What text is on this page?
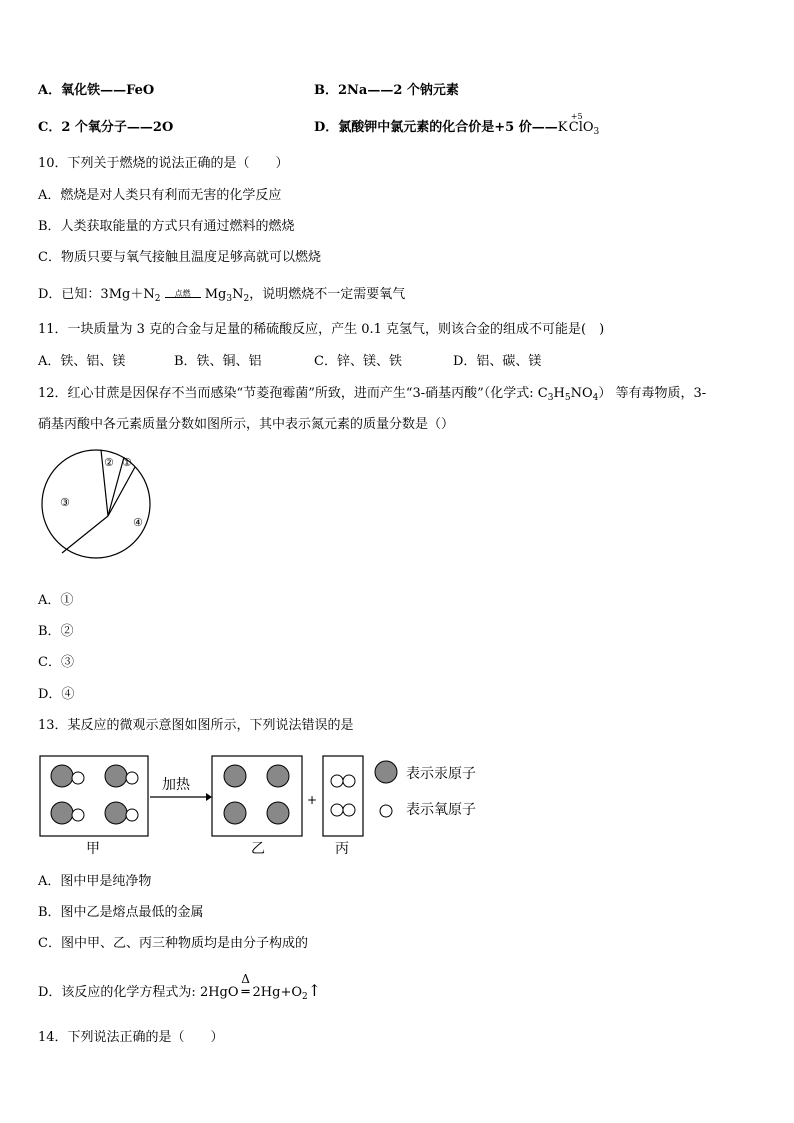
A．氧化铁——FeO	B．2Na——2 个钠元素
C．2 个氧分子——2O	D．氯酸钾中氯元素的化合价是+5 价——K 
+5
ClO$_3$
10．下列关于燃烧的说法正确的是（　　）
A．燃烧是对人类只有利而无害的化学反应
B．人类获取能量的方式只有通过燃料的燃烧
C．物质只要与氧气接触且温度足够高就可以燃烧
D．已知：$3Mg+N_2$
点燃	$Mg_3N_2$，说明燃烧不一定需要氧气
11．一块质量为 3 克的合金与足量的稀硫酸反应，产生 0.1 克氢气，则该合金的组成不可能是(　)
A．铁、铝、镁	B．铁、铜、铝	C．锌、镁、铁	D．铝、碳、镁
12．红心甘蔗是因保存不当而感染“节菱孢霉菌”所致，进而产生“3-硝基丙酸”（化学式: $C_3H_5NO_4$） 等有毒物质，3-
硝基丙酸中各元素质量分数如图所示，其中表示氮元素的质量分数是（）
② ①
③
④
A．①
B．②
C．③
D．④
13．某反应的微观示意图如图所示，下列说法错误的是
加热
+
表示汞原子
表示氧原子
甲	乙	丙
A．图中甲是纯净物
B．图中乙是熔点最低的金属
C．图中甲、乙、丙三种物质均是由分子构成的
D．该反应的化学方程式为: 2HgO
Δ
═ $2Hg+O_2↑$
14．下列说法正确的是（　　）
